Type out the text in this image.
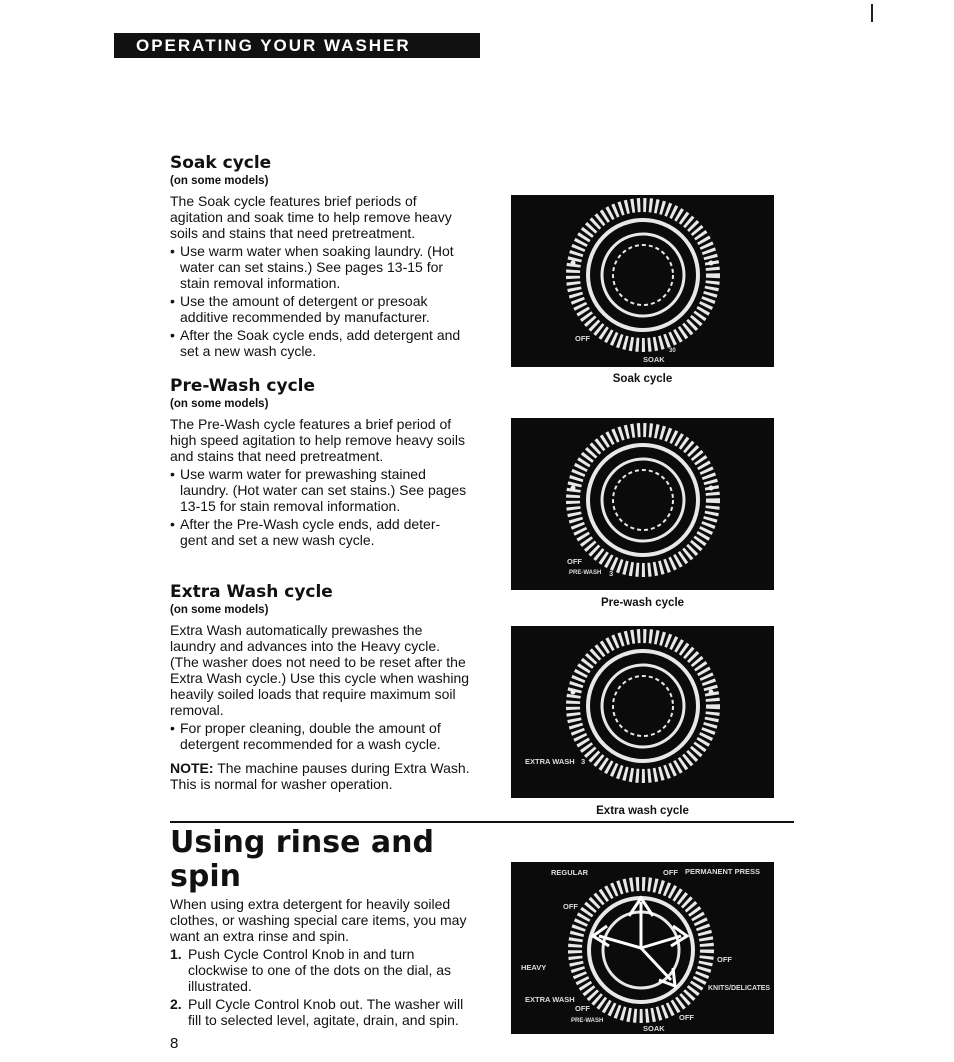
OPERATING YOUR WASHER
Soak cycle
(on some models)

The Soak cycle features brief periods of agitation and soak time to help remove heavy soils and stains that need pretreatment.

• Use warm water when soaking laundry. (Hot water can set stains.) See pages 13-15 for stain removal information.
• Use the amount of detergent or presoak additive recommended by manufacturer.
• After the Soak cycle ends, add detergent and set a new wash cycle.
Pre-Wash cycle
(on some models)

The Pre-Wash cycle features a brief period of high speed agitation to help remove heavy soils and stains that need pretreatment.

• Use warm water for prewashing stained laundry. (Hot water can set stains.) See pages 13-15 for stain removal information.
• After the Pre-Wash cycle ends, add deter- gent and set a new wash cycle.
Extra Wash cycle
(on some models)

Extra Wash automatically prewashes the laundry and advances into the Heavy cycle. (The washer does not need to be reset after the Extra Wash cycle.) Use this cycle when washing heavily soiled loads that require maximum soil removal.

• For proper cleaning, double the amount of detergent recommended for a wash cycle.

NOTE: The machine pauses during Extra Wash. This is normal for washer operation.

OFF
SOAK
30
Soak cycle
OFF
PRE-WASH 3
Pre-wash cycle
EXTRA WASH 3
Extra wash cycle
Using rinse and spin

When using extra detergent for heavily soiled clothes, or washing special care items, you may want an extra rinse and spin.

1. Push Cycle Control Knob in and turn clockwise to one of the dots on the dial, as illustrated.
2. Pull Cycle Control Knob out. The washer will fill to selected level, agitate, drain, and spin.
REGULAR	OFF PERMANENT PRESS
OFF
HEAVY
OFF
KNITS/DELICATES
EXTRA WASH
OFF
PRE-WASH
SOAK
OFF
8
